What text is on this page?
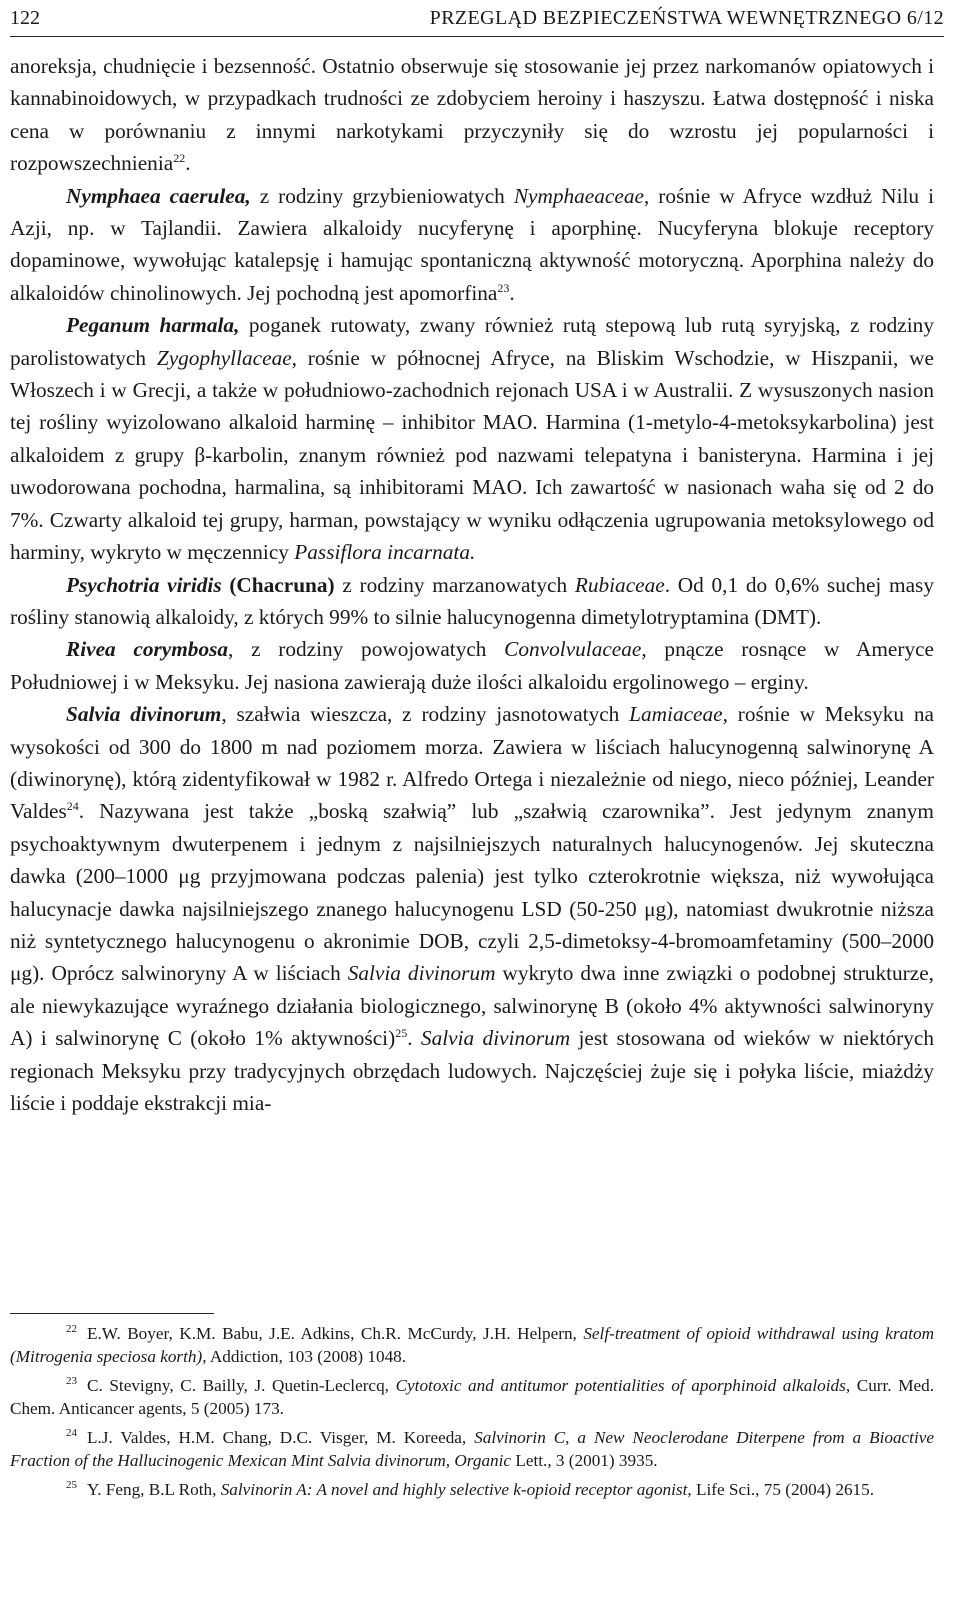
122	PRZEGLĄD BEZPIECZEŃSTWA WEWNĘTRZNEGO 6/12

anoreksja, chudnięcie i bezsenność. Ostatnio obserwuje się stosowanie jej przez narkomanów opiatowych i kannabinoidowych, w przypadkach trudności ze zdobyciem heroiny i haszyszu. Łatwa dostępność i niska cena w porównaniu z innymi narkotykami przyczyniły się do wzrostu jej popularności i rozpowszechnienia$^{22}$.

Nymphaea caerulea, z rodziny grzybieniowatych Nymphaeaceae, rośnie w Afryce wzdłuż Nilu i Azji, np. w Tajlandii. Zawiera alkaloidy nucyferynę i aporphinę. Nucyferyna blokuje receptory dopaminowe, wywołując katalepsję i hamując spontaniczną aktywność motoryczną. Aporphina należy do alkaloidów chinolinowych. Jej pochodną jest apomorfina$^{23}$.

Peganum harmala, poganek rutowaty, zwany również rutą stepową lub rutą syryjską, z rodziny parolistowatych Zygophyllaceae, rośnie w północnej Afryce, na Bliskim Wschodzie, w Hiszpanii, we Włoszech i w Grecji, a także w południowo-zachodnich rejonach USA i w Australii. Z wysuszonych nasion tej rośliny wyizolowano alkaloid harminę – inhibitor MAO. Harmina (1-metylo-4-metoksykarbolina) jest alkaloidem z grupy β-karbolin, znanym również pod nazwami telepatyna i banisteryna. Harmina i jej uwodorowana pochodna, harmalina, są inhibitorami MAO. Ich zawartość w nasionach waha się od 2 do 7%. Czwarty alkaloid tej grupy, harman, powstający w wyniku odłączenia ugrupowania metoksylowego od harminy, wykryto w męczennicy Passiflora incarnata.

Psychotria viridis (Chacruna) z rodziny marzanowatych Rubiaceae. Od 0,1 do 0,6% suchej masy rośliny stanowią alkaloidy, z których 99% to silnie halucynogenna dimetylotryptamina (DMT).

Rivea corymbosa, z rodziny powojowatych Convolvulaceae, pnącze rosnące w Ameryce Południowej i w Meksyku. Jej nasiona zawierają duże ilości alkaloidu ergolinowego – erginy.

Salvia divinorum, szałwia wieszcza, z rodziny jasnotowatych Lamiaceae, rośnie w Meksyku na wysokości od 300 do 1800 m nad poziomem morza. Zawiera w liściach halucynogenną salwinorynę A (diwinorynę), którą zidentyfikował w 1982 r. Alfredo Ortega i niezależnie od niego, nieco później, Leander Valdes$^{24}$. Nazywana jest także „boską szałwią” lub „szałwią czarownika”. Jest jedynym znanym psychoaktywnym dwuterpenem i jednym z najsilniejszych naturalnych halucynogenów. Jej skuteczna dawka (200–1000 μg przyjmowana podczas palenia) jest tylko czterokrotnie większa, niż wywołująca halucynacje dawka najsilniejszego znanego halucynogenu LSD (50-250 μg), natomiast dwukrotnie niższa niż syntetycznego halucynogenu o akronimie DOB, czyli 2,5-dimetoksy-4-bromoamfetaminy (500–2000 μg). Oprócz salwinoryny A w liściach Salvia divinorum wykryto dwa inne związki o podobnej strukturze, ale niewykazujące wyraźnego działania biologicznego, salwinorynę B (około 4% aktywności salwinoryny A) i salwinorynę C (około 1% aktywności)$^{25}$. Salvia divinorum jest stosowana od wieków w niektórych regionach Meksyku przy tradycyjnych obrzędach ludowych. Najczęściej żuje się i połyka liście, miażdży liście i poddaje ekstrakcji mia-

$^{22}$ E.W. Boyer, K.M. Babu, J.E. Adkins, Ch.R. McCurdy, J.H. Helpern, Self-treatment of opioid withdrawal using kratom (Mitrogenia speciosa korth), Addiction, 103 (2008) 1048.

$^{23}$ C. Stevigny, C. Bailly, J. Quetin-Leclercq, Cytotoxic and antitumor potentialities of aporphinoid alkaloids, Curr. Med. Chem. Anticancer agents, 5 (2005) 173.

$^{24}$ L.J. Valdes, H.M. Chang, D.C. Visger, M. Koreeda, Salvinorin C, a New Neoclerodane Diterpene from a Bioactive Fraction of the Hallucinogenic Mexican Mint Salvia divinorum, Organic Lett., 3 (2001) 3935.

$^{25}$ Y. Feng, B.L Roth, Salvinorin A: A novel and highly selective k-opioid receptor agonist, Life Sci., 75 (2004) 2615.
